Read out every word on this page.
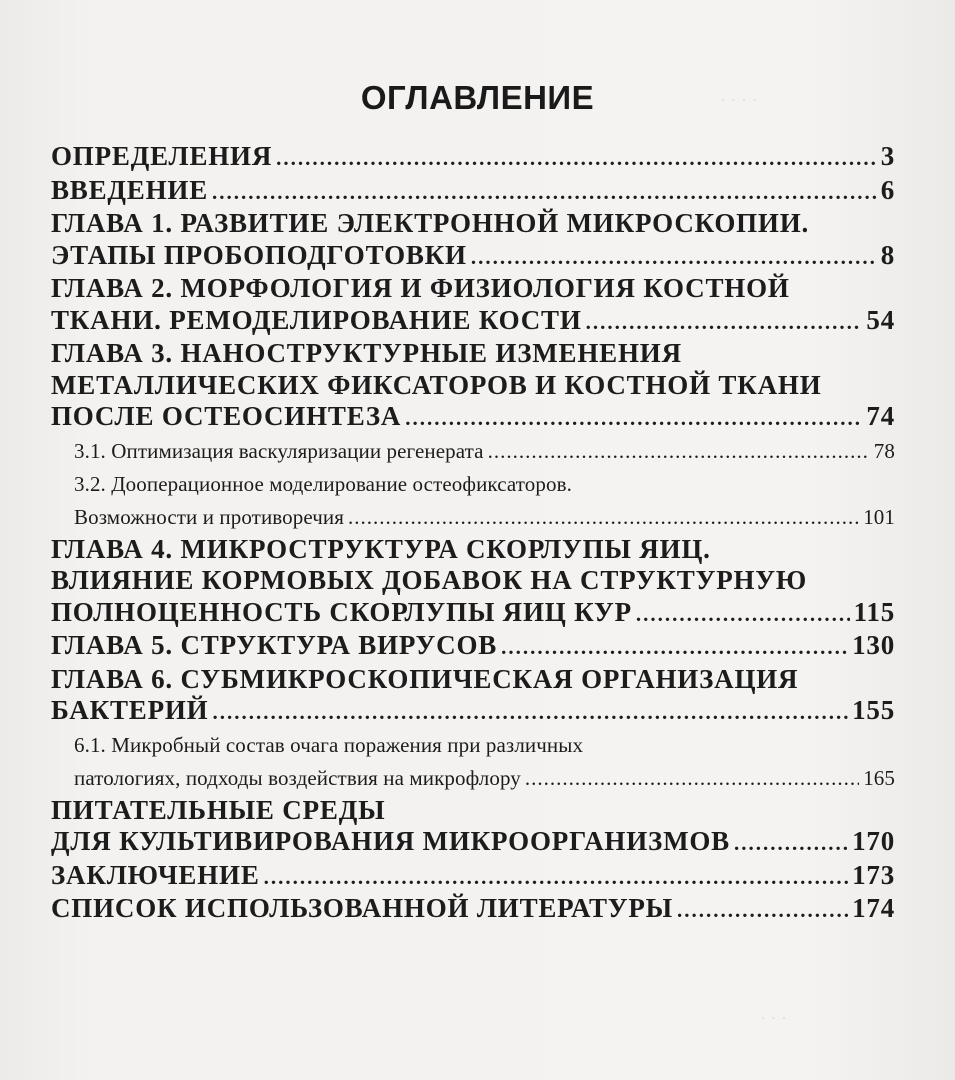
· · · ·
· · ·
ОГЛАВЛЕНИЕ
ОПРЕДЕЛЕНИЯ .....	3
ВВЕДЕНИЕ .....	6
ГЛАВА 1. РАЗВИТИЕ ЭЛЕКТРОННОЙ МИКРОСКОПИИ.
ЭТАПЫ ПРОБОПОДГОТОВКИ .....	8
ГЛАВА 2. МОРФОЛОГИЯ И ФИЗИОЛОГИЯ КОСТНОЙ
ТКАНИ. РЕМОДЕЛИРОВАНИЕ КОСТИ .....	54
ГЛАВА 3. НАНОСТРУКТУРНЫЕ ИЗМЕНЕНИЯ
МЕТАЛЛИЧЕСКИХ ФИКСАТОРОВ И КОСТНОЙ ТКАНИ
ПОСЛЕ ОСТЕОСИНТЕЗА .....	74
3.1. Оптимизация васкуляризации регенерата .....	78
3.2. Дооперационное моделирование остеофиксаторов.
Возможности и противоречия .....	101
ГЛАВА 4. МИКРОСТРУКТУРА СКОРЛУПЫ ЯИЦ.
ВЛИЯНИЕ КОРМОВЫХ ДОБАВОК НА СТРУКТУРНУЮ
ПОЛНОЦЕННОСТЬ СКОРЛУПЫ ЯИЦ КУР .....	115
ГЛАВА 5. СТРУКТУРА ВИРУСОВ .....	130
ГЛАВА 6. СУБМИКРОСКОПИЧЕСКАЯ ОРГАНИЗАЦИЯ
БАКТЕРИЙ .....	155
6.1. Микробный состав очага поражения при различных
патологиях, подходы воздействия на микрофлору .....	165
ПИТАТЕЛЬНЫЕ СРЕДЫ
ДЛЯ КУЛЬТИВИРОВАНИЯ МИКРООРГАНИЗМОВ .....	170
ЗАКЛЮЧЕНИЕ .....	173
СПИСОК ИСПОЛЬЗОВАННОЙ ЛИТЕРАТУРЫ .....	174
